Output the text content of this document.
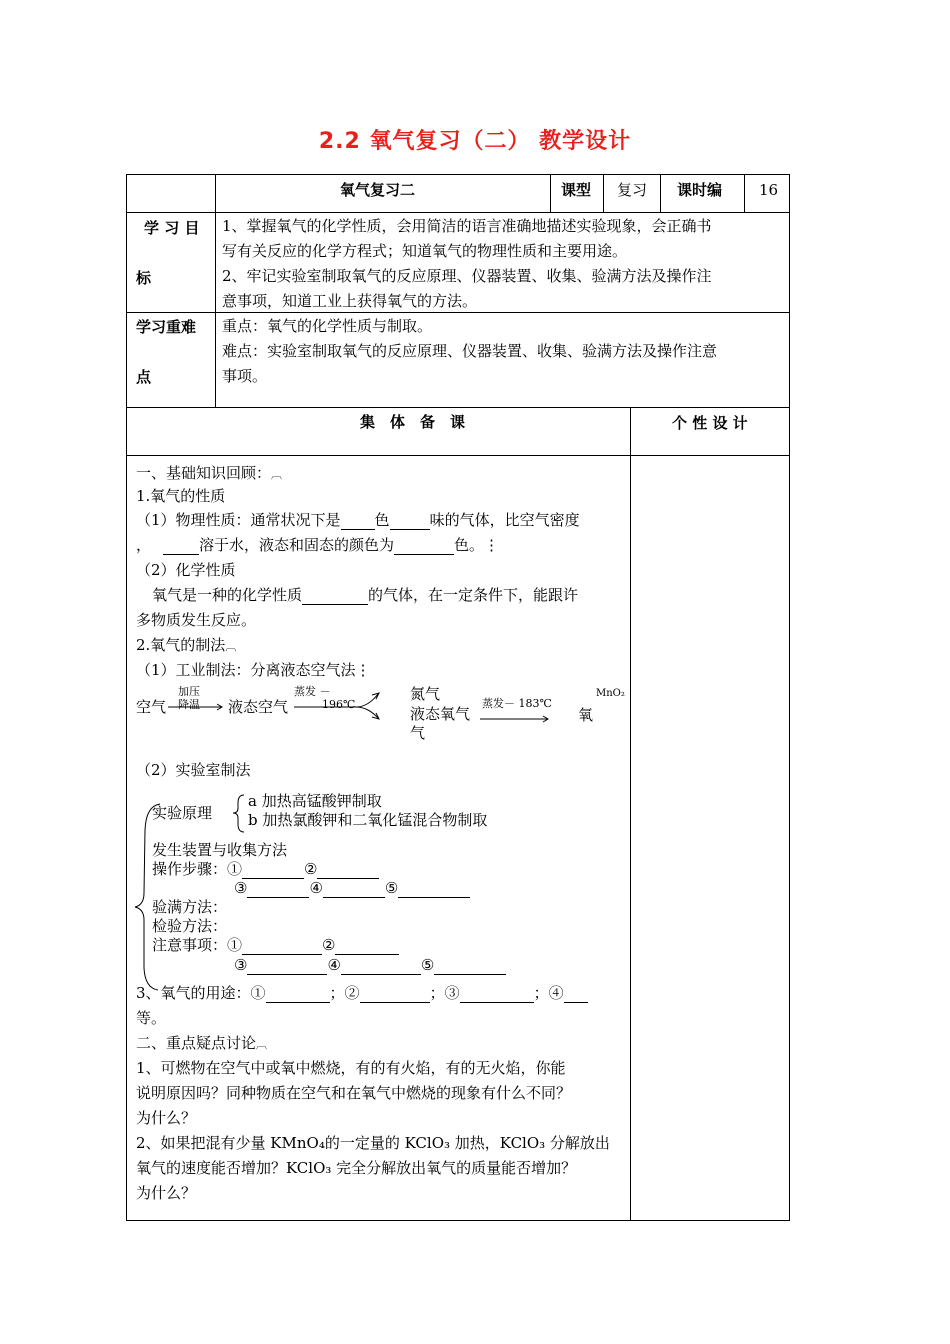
2.2 氧气复习（二） 教学设计
氧气复习二	课型 复习 课时编 16
学 习 目
标
1、掌握氧气的化学性质，会用简洁的语言准确地描述实验现象，会正确书
写有关反应的化学方程式；知道氧气的物理性质和主要用途。
2、牢记实验室制取氧气的反应原理、仪器装置、收集、验满方法及操作注
意事项，知道工业上获得氧气的方法。
学习重难
点
重点：氧气的化学性质与制取。
难点：实验室制取氧气的反应原理、仪器装置、收集、验满方法及操作注意
事项。
集　体　备　课	个 性 设 计
一、基础知识回顾：︹
1.氧气的性质
（1）物理性质：通常状况下是 色	味的气体，比空气密度
，	溶于水，液态和固态的颜色为	色。⋮
（2）化学性质
氧气是一种的化学性质	的气体，在一定条件下，能跟许
多物质发生反应。
2.氧气的制法︹
（1）工业制法：分离液态空气法⋮
空气
加压
降温 液态空气
蒸发 －
196℃
氮气
液态氧气
气
蒸发－ 183℃
MnO₂
氧
（2）实验室制法
实验原理
a 加热高锰酸钾制取
b 加热氯酸钾和二氧化锰混合物制取
发生装置与收集方法
操作步骤：①	②
③	④	⑤
验满方法：
检验方法：
注意事项：①	②
③	④	⑤
3、氧气的用途：①	；②	；③	；④
等。
二、重点疑点讨论︹
1、可燃物在空气中或氧中燃烧，有的有火焰，有的无火焰，你能
说明原因吗？同种物质在空气和在氧气中燃烧的现象有什么不同？
为什么？
2、如果把混有少量 KMnO₄的一定量的 KClO₃ 加热，KClO₃ 分解放出
氧气的速度能否增加？KClO₃ 完全分解放出氧气的质量能否增加？
为什么？
